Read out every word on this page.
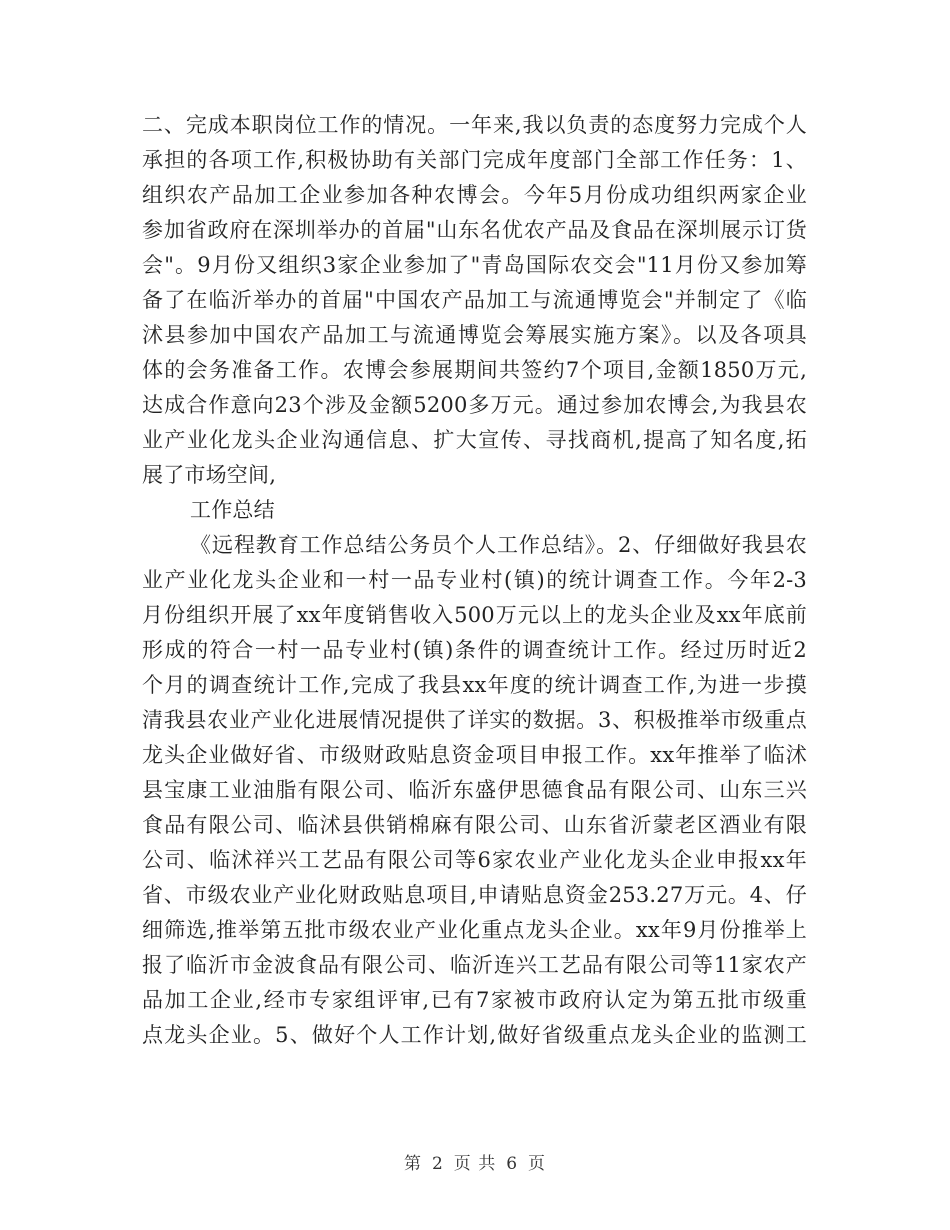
二、完成本职岗位工作的情况。一年来,我以负责的态度努力完成个人
承担的各项工作,积极协助有关部门完成年度部门全部工作任务：1、
组织农产品加工企业参加各种农博会。今年5月份成功组织两家企业
参加省政府在深圳举办的首届"山东名优农产品及食品在深圳展示订货
会"。9月份又组织3家企业参加了"青岛国际农交会"11月份又参加筹
备了在临沂举办的首届"中国农产品加工与流通博览会"并制定了《临
沭县参加中国农产品加工与流通博览会筹展实施方案》。以及各项具
体的会务准备工作。农博会参展期间共签约7个项目,金额1850万元,
达成合作意向23个涉及金额5200多万元。通过参加农博会,为我县农
业产业化龙头企业沟通信息、扩大宣传、寻找商机,提高了知名度,拓
展了市场空间,
工作总结
《远程教育工作总结公务员个人工作总结》。2、仔细做好我县农
业产业化龙头企业和一村一品专业村(镇)的统计调查工作。今年2-3
月份组织开展了xx年度销售收入500万元以上的龙头企业及xx年底前
形成的符合一村一品专业村(镇)条件的调查统计工作。经过历时近2
个月的调查统计工作,完成了我县xx年度的统计调查工作,为进一步摸
清我县农业产业化进展情况提供了详实的数据。3、积极推举市级重点
龙头企业做好省、市级财政贴息资金项目申报工作。xx年推举了临沭
县宝康工业油脂有限公司、临沂东盛伊思德食品有限公司、山东三兴
食品有限公司、临沭县供销棉麻有限公司、山东省沂蒙老区酒业有限
公司、临沭祥兴工艺品有限公司等6家农业产业化龙头企业申报xx年
省、市级农业产业化财政贴息项目,申请贴息资金253.27万元。4、仔
细筛选,推举第五批市级农业产业化重点龙头企业。xx年9月份推举上
报了临沂市金波食品有限公司、临沂连兴工艺品有限公司等11家农产
品加工企业,经市专家组评审,已有7家被市政府认定为第五批市级重
点龙头企业。5、做好个人工作计划,做好省级重点龙头企业的监测工
第 2 页 共 6 页
